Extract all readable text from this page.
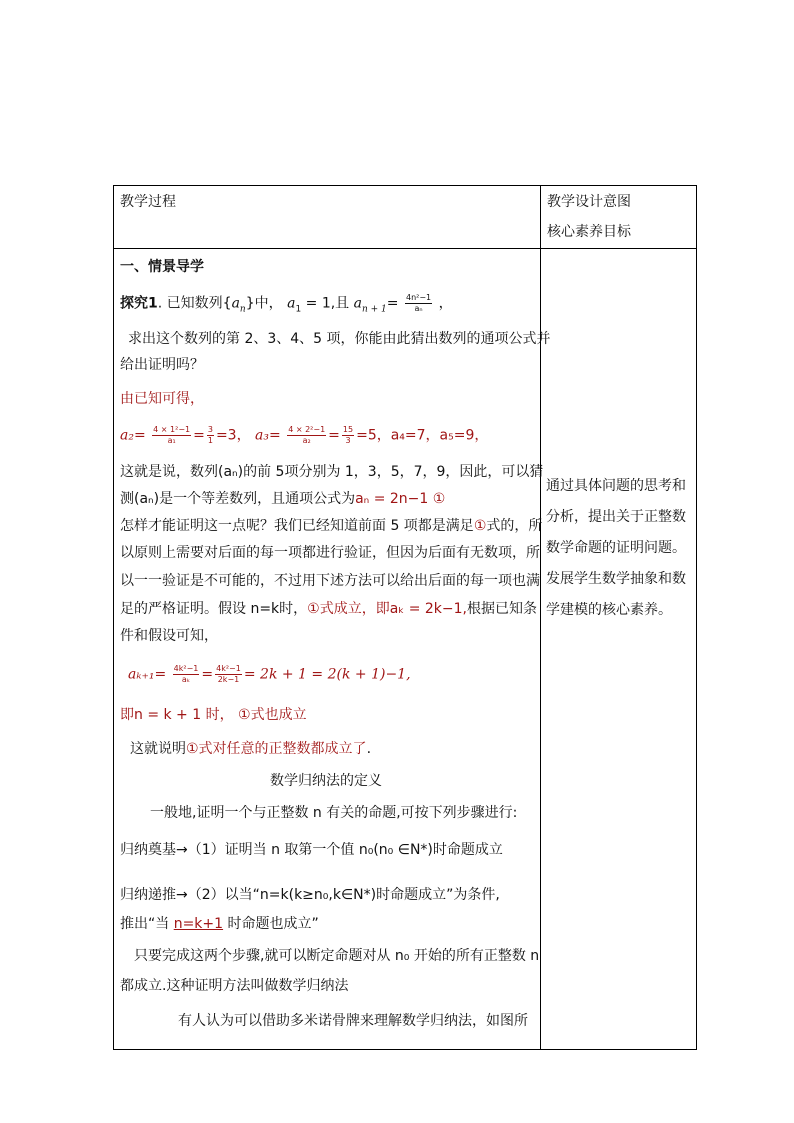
教学过程	教学设计意图
核心素养目标
一、情景导学
探究1. 已知数列$\{a_n\}$中， $a_1 = 1$,且 $a_{n + 1}= \frac{\text{4n²−1}}{\text{aₙ}}$ ，
求出这个数列的第 2、3、4、5 项，你能由此猜出数列的通项公式并
给出证明吗？
由已知可得，
$a_2= \frac{\text{4 × 1²−1}}{\text{a₁}} = \frac{3}{1} =3$， $a_3= \frac{\text{4 × 2²−1}}{\text{a₂}} = \frac{15}{3} =5$，a₄=7，a₅=9，
这就是说，数列(aₙ)的前 5项分别为 1，3，5，7，9，因此，可以猜
测(aₙ)是一个等差数列，且通项公式为aₙ = 2n−1 ①
怎样才能证明这一点呢？我们已经知道前面 5 项都是满足①式的，所
以原则上需要对后面的每一项都进行验证，但因为后面有无数项，所
以一一验证是不可能的，不过用下述方法可以给出后面的每一项也满
足的严格证明。假设 n=k时，①式成立，即aₖ = 2k−1,根据已知条
件和假设可知，
$a_{k+1}= \frac{\text{4k²−1}}{\text{aₖ}} = \frac{\text{4k²−1}}{2k-1} = 2k + 1 = 2(k + 1)-1$,
即n = k + 1 时， ①式也成立
这就说明①式对任意的正整数都成立了.
数学归纳法的定义
一般地,证明一个与正整数 n 有关的命题,可按下列步骤进行:
归纳奠基→（1）证明当 n 取第一个值 n₀(n₀ ∈N*)时命题成立
归纳递推→（2）以当“n=k(k≥n₀,k∈N*)时命题成立”为条件,
推出“当 n=k+1 时命题也成立”
只要完成这两个步骤,就可以断定命题对从 n₀ 开始的所有正整数 n
都成立.这种证明方法叫做数学归纳法
有人认为可以借助多米诺骨牌来理解数学归纳法，如图所
通过具体问题的思考和分析，提出关于正整数数学命题的证明问题。发展学生数学抽象和数学建模的核心素养。
